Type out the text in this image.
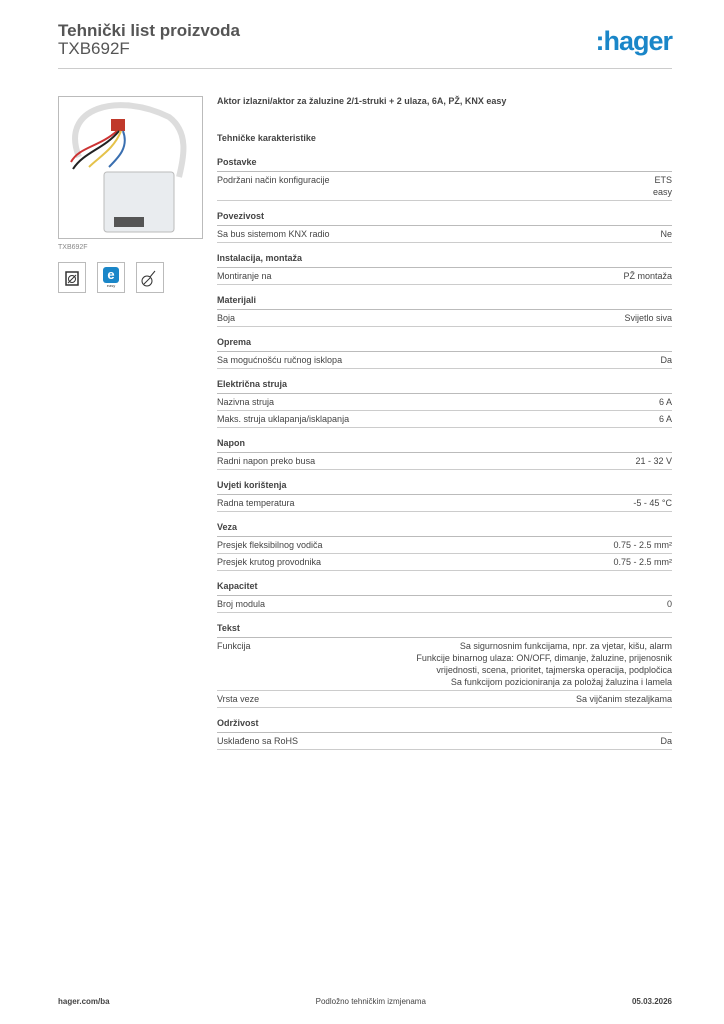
Tehnički list proizvoda
TXB692F	:hager
TXB692F
e
easy
Aktor izlazni/aktor za žaluzine 2/1-struki + 2 ulaza, 6A, PŽ, KNX easy
Tehničke karakteristike
Postavke
Podržani način konfiguracije	ETS
easy
Povezivost
Sa bus sistemom KNX radio	Ne
Instalacija, montaža
Montiranje na	PŽ montaža
Materijali
Boja	Svijetlo siva
Oprema
Sa mogućnošću ručnog isklopa	Da
Električna struja
Nazivna struja	6 A
Maks. struja uklapanja/isklapanja	6 A
Napon
Radni napon preko busa	21 - 32 V
Uvjeti korištenja
Radna temperatura	-5 - 45 °C
Veza
Presjek fleksibilnog vodiča	0.75 - 2.5 mm²
Presjek krutog provodnika	0.75 - 2.5 mm²
Kapacitet
Broj modula	0
Tekst
Funkcija	Sa sigurnosnim funkcijama, npr. za vjetar, kišu, alarm
Funkcije binarnog ulaza: ON/OFF, dimanje, žaluzine, prijenosnik
vrijednosti, scena, prioritet, tajmerska operacija, podpločica
Sa funkcijom pozicioniranja za položaj žaluzina i lamela
Vrsta veze	Sa vijčanim stezaljkama
Održivost
Usklađeno sa RoHS	Da
hager.com/ba	Podložno tehničkim izmjenama	05.03.2026
